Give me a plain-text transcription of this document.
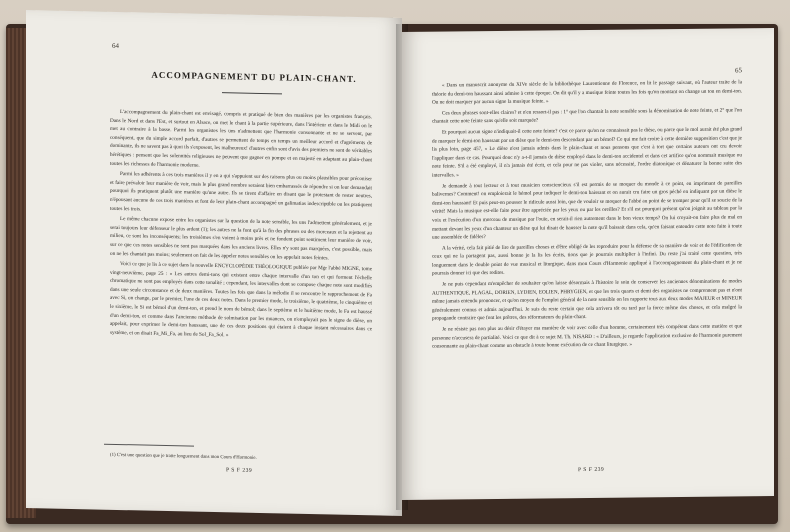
64
ACCOMPAGNEMENT DU PLAIN-CHANT.

L'accompagnement du plain-chant est envisagé, compris et pratiqué de bien des manières par les organistes français. Dans le Nord et dans l'Est, et surtout en Alsace, on met le chant à la partie supérieure, dans l'intérieur et dans le Midi on le met au contraire à la basse. Parmi les organistes les uns n'admettent que l'harmonie consonnante et ne se servent, par conséquent, que du simple accord parfait, d'autres se permettent de temps en temps un meilleur accord et d'agréments de dominante, ils ne savent pas à quoi ils s'exposent, les malheureux! d'autres enfin sont d'avis des premiers ne sont de véritables hérétiques : pensent que les solennités religieuses ne peuvent que gagner en pompe et en majesté en adaptant au plain-chant toutes les richesses de l'harmonie moderne.

Parmi les adhérents à ces trois manières il y en a qui s'appuient sur des raisons plus ou moins plausibles pour préconiser et faire prévaloir leur manière de voir, mais le plus grand nombre seraient bien embarrassés de répondre si on leur demandait pourquoi ils pratiquent plutôt une manière qu'une autre. Ils se tirent d'affaire en disant que le protestant de rester neutres, n'épousant aucune de ces trois manières et font de leur plain-chant accompagné un galimatias indescriptible ou les pratiquent toutes les trois.

Le même chacune expose entre les organistes sur la question de la note sensible, les uns l'admettent généralement, et je serai toujours leur défenseur le plus ardent (1); les autres ne la font qu'à la fin des phrases ou des morceaux et la rejettent au milieu, ce sont les inconséquents; les troisièmes s'en voient à moins près et ne fondent point sentiment leur manière de voir, sur ce que ces notes sensibles ne sont pas marquées dans les anciens livres. Elles n'y sont pas marquées, c'est possible, mais on ne les chantait pas moins; seulement on fait de les appeler notes sensibles on les appelait notes feintes.

Voici ce que je lis à ce sujet dans la nouvelle ENCYCLOPÉDIE THÉOLOGIQUE publiée par Mgr l'abbé MIGNE, tome vingt-neuvième, page 25 : « Les autres demi-tons qui existent entre chaque intervalle d'un ton et qui forment l'échelle chromatique ne sont pas employés dans cette tonalité ; cependant, les intervalles dont se compose chaque note sont modifiés dans une seule circonstance et de deux manières. Toutes les fois que dans la mélodie il se rencontre le rapprochement de Fa avec Si, on change, par le premier, l'une de ces deux notes. Dans le premier mode, le troisième, le quatrième, le cinquième et le sixième, le Si est bémol d'un demi-ton, et prend le nom de bémol; dans le septième et le huitième mode, le Fa est haussé d'un demi-ton, et comme dans l'ancienne méthode de solmisation par les muances, on n'employait pas le signe de dièse, on appelait, pour exprimer le demi-ton haussant, une de ces deux positions qui étaient à chaque instant nécessaires dans ce système, et on disait Fa_Mi_Fa, au lieu de Sol_Fa_Sol. »

(1) C'est une question que je traite longuement dans mon Cours d'Harmonie.
P S F 239
65

« Dans un manuscrit anonyme du XIVe siècle de la bibliothèque Laurentienne de Florence, on lit le passage suivant, où l'auteur traite de la théorie du demi-ton haussant ainsi admise à cette époque. On dit qu'il y a musique feinte toutes les fois qu'on montant on change un ton en demi-ton. On ne doit marquer par aucun signe la musique feinte. »

Ces deux phrases sont-elles claires? et n'en ressort-il pas : 1° que l'on chantait la note sensible sous la dénomination de note feinte, et 2° que l'on chantait cette note feinte sans qu'elle soit marquée?

Et pourquoi aucun signe n'indiquait-il cette note feinte? c'est ce parce qu'on ne connaissait pas le dièse, ou parce que le mol aurait été plus grand de marquer le demi-ton haussant par un dièse que le demi-ton descendant par un bémol? Ce qui me fait croire à cette dernière supposition c'est que je lis plus loin, page 457, « Le dièse n'est jamais admis dans le plain-chant et nous pensons que c'est à tort que certains auteurs ont cru devoir l'appliquer dans ce cas. Pourquoi donc n'y a-t-il jamais de dièse employé dans le demi-ton accidentel et dans cet artifice qu'on nommait musique ou note feinte. S'il a été employé, il n'a jamais été écrit, et cela pour ne pas violer, sans nécessité, l'ordre diatonique et dénaturer la bonne suite des intervalles. »

Je demande à tout lecteur et à tout musicien consciencieux s'il est permis de se moquer du monde à ce point, en imprimant de pareilles balivernes? Comment! on emploierait le bémol pour indiquer le demi-ton baissant et on aurait cru faire un gros péché en indiquant par un dièse le demi-ton haussant! Et puis peut-on pousser le ridicule aussi loin, que de vouloir se moquer de l'abbé au point de se tromper pour qu'il se soucie de la vérité! Mais la musique est-elle faite pour être appréciée par les yeux ou par les oreilles? Et s'il est pourquoi présent qu'on joignit au tableau par la voix et l'exécution d'un morceau de musique par l'ouïe, en serait-il rien autrement dans le bon vieux temps? On lui croyait-on faire plus de mal en mettant devant les yeux d'un chanteur un dièse qui lui disait de hausser la note qu'il baissait dans cela, qu'en faisant entendre cette note faite à toute une assemblée de fidèles?

A la vérité, cela fait pitié de lire de pareilles choses et d'être obligé de les reproduire pour la défense de sa manière de voir et de l'édification de ceux qui ne la partagent pas, aussi bonne je la lis les écrits, tions que je pourrais multiplier à l'infini. Du reste j'ai traité cette question, très longuement dans le double point de vue musical et liturgique, dans mon Cours d'Harmonie appliqué à l'accompagnement du plain-chant et je ne pourrais donner ici que des redites.

Je ne puis cependant m'empêcher de souhaiter qu'on laisse désormais à l'histoire le soin de conserver les anciennes dénominations de modes AUTHENTIQUE, PLAGAL, DORIEN, LYDIEN, EOLIEN, PHRYGIEN, et que les trois quarts et demi des organistes ne comprennent pas et n'ont même jamais entendu prononcer, et qu'on moyen de l'emploi général de la note sensible on les rapporte tous aux deux modes MAJEUR et MINEUR généralement connus et admis aujourd'hui. Je suis du reste certain que cela arrivera tôt ou tard par la force même des choses, et cela malgré la propagande contraire que font les prêtres, des réformateurs du plain-chant.

Je ne résiste pas non plus au désir d'étayer ma manière de voir avec celle d'un homme, certainement très compétent dans cette matière et que personne n'accusera de partialité. Voici ce que dit à ce sujet M. Th. NISARD : « D'ailleurs, je regarde l'application exclusive de l'harmonie purement consonnante au plain-chant comme un obstacle à toute bonne exécution de ce chant liturgique. »

P S F 239
